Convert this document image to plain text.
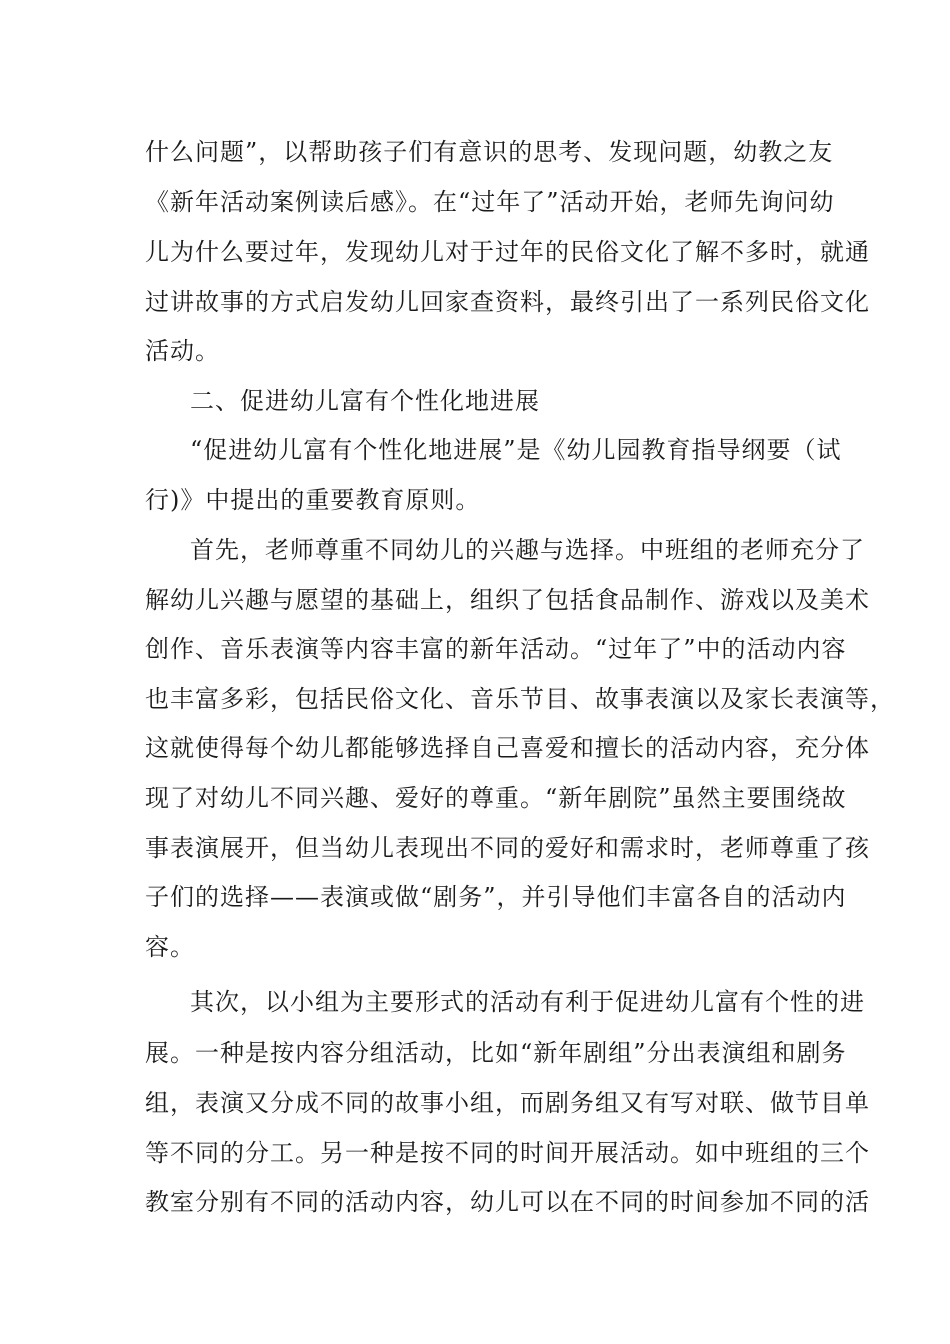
什么问题”，以帮助孩子们有意识的思考、发现问题，幼教之友
《新年活动案例读后感》。在“过年了”活动开始，老师先询问幼
儿为什么要过年，发现幼儿对于过年的民俗文化了解不多时，就通
过讲故事的方式启发幼儿回家查资料，最终引出了一系列民俗文化
活动。
二、促进幼儿富有个性化地进展
“促进幼儿富有个性化地进展”是《幼儿园教育指导纲要（试
行)》中提出的重要教育原则。
首先，老师尊重不同幼儿的兴趣与选择。中班组的老师充分了
解幼儿兴趣与愿望的基础上，组织了包括食品制作、游戏以及美术
创作、音乐表演等内容丰富的新年活动。“过年了”中的活动内容
也丰富多彩，包括民俗文化、音乐节目、故事表演以及家长表演等，
这就使得每个幼儿都能够选择自己喜爱和擅长的活动内容，充分体
现了对幼儿不同兴趣、爱好的尊重。“新年剧院”虽然主要围绕故
事表演展开，但当幼儿表现出不同的爱好和需求时，老师尊重了孩
子们的选择——表演或做“剧务”，并引导他们丰富各自的活动内
容。
其次，以小组为主要形式的活动有利于促进幼儿富有个性的进
展。一种是按内容分组活动，比如“新年剧组”分出表演组和剧务
组，表演又分成不同的故事小组，而剧务组又有写对联、做节目单
等不同的分工。另一种是按不同的时间开展活动。如中班组的三个
教室分别有不同的活动内容，幼儿可以在不同的时间参加不同的活
